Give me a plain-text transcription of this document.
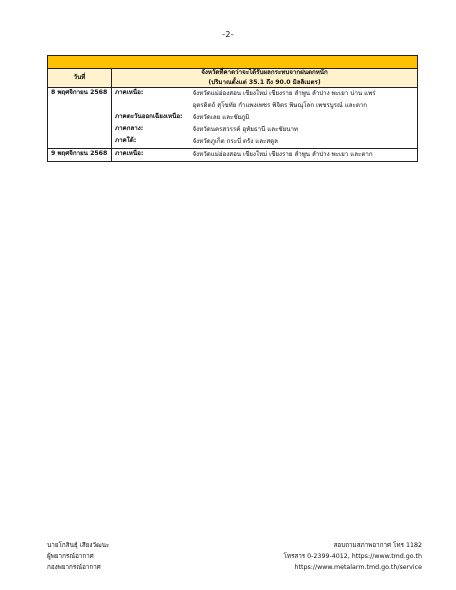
-2-

วันที่	จังหวัดที่คาดว่าจะได้รับผลกระทบจากฝนตกหนัก
(ปริมาณตั้งแต่ 35.1 ถึง 90.0 มิลลิเมตร)	

8 พฤศจิกายน 2568	ภาคเหนือ:	จังหวัดแม่ฮ่องสอน เชียงใหม่ เชียงราย ลำพูน ลำปาง พะเยา น่าน แพร่
อุตรดิตถ์ สุโขทัย กำแพงเพชร พิจิตร พิษณุโลก เพชรบูรณ์ และตาก

	ภาคตะวันออกเฉียงเหนือ:	จังหวัดเลย และชัยภูมิ

	ภาคกลาง:	จังหวัดนครสวรรค์ อุทัยธานี และชัยนาท

	ภาคใต้:	จังหวัดภูเก็ต กระบี่ ตรัง และสตูล

9 พฤศจิกายน 2568	ภาคเหนือ:	จังหวัดแม่ฮ่องสอน เชียงใหม่ เชียงราย ลำพูน ลำปาง พะเยา และตาก
นายโกสินธุ์ เสียงวัฒนะ
ผู้พยากรณ์อากาศ
กองพยากรณ์อากาศ
สอบถามสภาพอากาศ โทร 1182
โทรสาร 0-2399-4012, https://www.tmd.go.th
https://www.metalarm.tmd.go.th/service
